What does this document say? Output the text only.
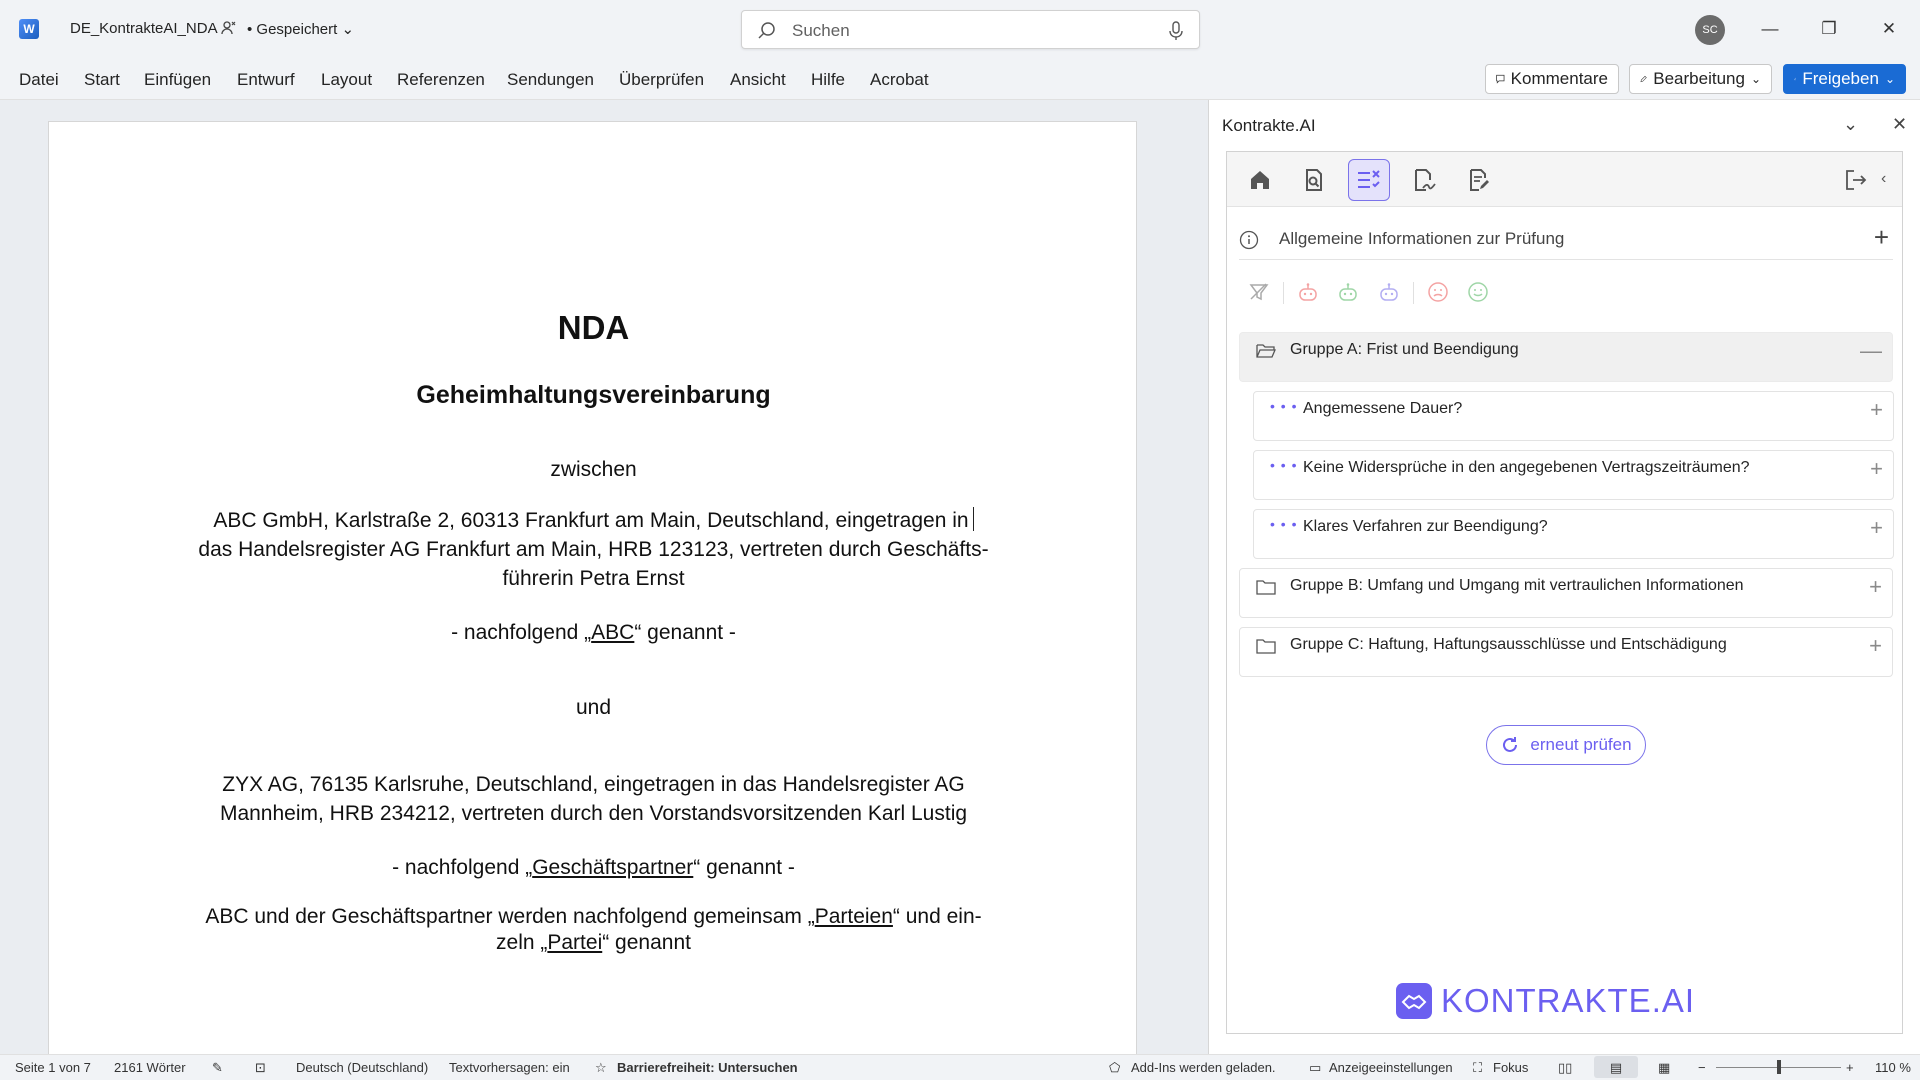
W DE_KontrakteAI_NDA • Gespeichert ⌄	Suchen	SC	—	❐	✕
Datei Start Einfügen Entwurf Layout Referenzen Sendungen Überprüfen Ansicht Hilfe Acrobat	Kommentare	Bearbeitung ⌄ Freigeben ⌄
NDA
Geheimhaltungsvereinbarung
zwischen
ABC GmbH, Karlstraße 2, 60313 Frankfurt am Main, Deutschland, eingetragen in
das Handelsregister AG Frankfurt am Main, HRB 123123, vertreten durch Geschäfts-
führerin Petra Ernst
- nachfolgend „ABC“ genannt -
und
ZYX AG, 76135 Karlsruhe, Deutschland, eingetragen in das Handelsregister AG
Mannheim, HRB 234212, vertreten durch den Vorstandsvorsitzenden Karl Lustig
- nachfolgend „Geschäftspartner“ genannt -
ABC und der Geschäftspartner werden nachfolgend gemeinsam „Parteien“ und ein-
zeln „Partei“ genannt
Kontrakte.AI	⌄ ✕
‹
Allgemeine Informationen zur Prüfung	+
Gruppe A: Frist und Beendigung	—
• • • Angemessene Dauer?	+
• • • Keine Widersprüche in den angegebenen Vertragszeiträumen?	+
• • • Klares Verfahren zur Beendigung?	+
Gruppe B: Umfang und Umgang mit vertraulichen Informationen	+
Gruppe C: Haftung, Haftungsausschlüsse und Entschädigung	+
erneut prüfen
KONTRAKTE.AI
Seite 1 von 7 2161 Wörter ✎ ⊡ Deutsch (Deutschland) Textvorhersagen: ein ☆ Barrierefreiheit: Untersuchen	⬠ Add-Ins werden geladen.	▭ Anzeigeeinstellungen ⛶ Fokus ▯▯	▤	▦ −	+ 110 %
